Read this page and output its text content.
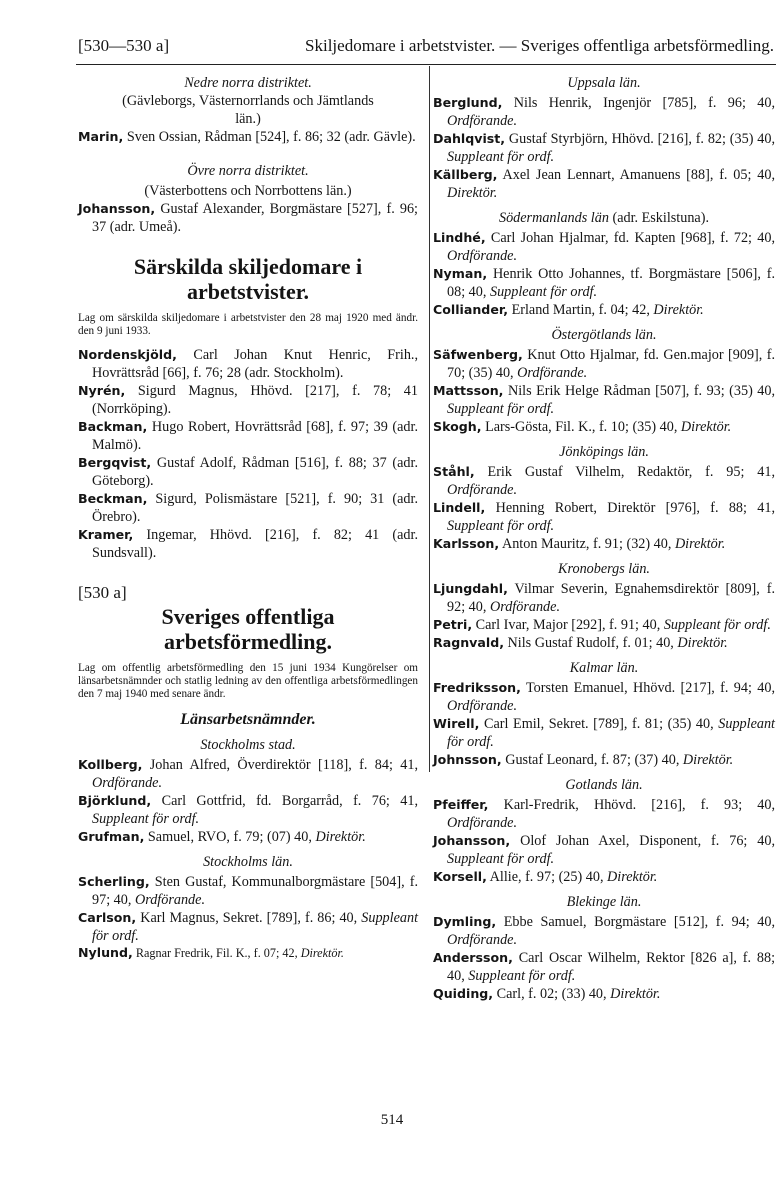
[530—530 a]	Skiljedomare i arbetstvister. — Sveriges offentliga arbetsförmedling.
Nedre norra distriktet.
(Gävleborgs, Västernorrlands och Jämtlands län.)

Marin, Sven Ossian, Rådman [524], f. 86; 32 (adr. Gävle).

Övre norra distriktet.
(Västerbottens och Norrbottens län.)

Johansson, Gustaf Alexander, Borgmästare [527], f. 96; 37 (adr. Umeå).

Särskilda skiljedomare i arbetstvister.
Lag om särskilda skiljedomare i arbetstvister den 28 maj 1920 med ändr. den 9 juni 1933.

Nordenskjöld, Carl Johan Knut Henric, Frih., Hovrättsråd [66], f. 76; 28 (adr. Stockholm).

Nyrén, Sigurd Magnus, Hhövd. [217], f. 78; 41 (Norrköping).

Backman, Hugo Robert, Hovrättsråd [68], f. 97; 39 (adr. Malmö).

Bergqvist, Gustaf Adolf, Rådman [516], f. 88; 37 (adr. Göteborg).

Beckman, Sigurd, Polismästare [521], f. 90; 31 (adr. Örebro).

Kramer, Ingemar, Hhövd. [216], f. 82; 41 (adr. Sundsvall).

[530 a]
Sveriges offentliga arbetsförmedling.
Lag om offentlig arbetsförmedling den 15 juni 1934 Kungörelser om länsarbetsnämnder och statlig ledning av den offentliga arbetsförmedlingen den 7 maj 1940 med senare ändr.
Länsarbetsnämnder.
Stockholms stad.

Kollberg, Johan Alfred, Överdirektör [118], f. 84; 41, Ordförande.

Björklund, Carl Gottfrid, fd. Borgarråd, f. 76; 41, Suppleant för ordf.

Grufman, Samuel, RVO, f. 79; (07) 40, Direktör.

Stockholms län.

Scherling, Sten Gustaf, Kommunalborgmästare [504], f. 97; 40, Ordförande.

Carlson, Karl Magnus, Sekret. [789], f. 86; 40, Suppleant för ordf.

Nylund, Ragnar Fredrik, Fil. K., f. 07; 42, Direktör.

Uppsala län.

Berglund, Nils Henrik, Ingenjör [785], f. 96; 40, Ordförande.

Dahlqvist, Gustaf Styrbjörn, Hhövd. [216], f. 82; (35) 40, Suppleant för ordf.

Källberg, Axel Jean Lennart, Amanuens [88], f. 05; 40, Direktör.

Södermanlands län (adr. Eskilstuna).

Lindhé, Carl Johan Hjalmar, fd. Kapten [968], f. 72; 40, Ordförande.

Nyman, Henrik Otto Johannes, tf. Borgmästare [506], f. 08; 40, Suppleant för ordf.

Colliander, Erland Martin, f. 04; 42, Direktör.

Östergötlands län.

Säfwenberg, Knut Otto Hjalmar, fd. Gen.major [909], f. 70; (35) 40, Ordförande.

Mattsson, Nils Erik Helge Rådman [507], f. 93; (35) 40, Suppleant för ordf.

Skogh, Lars-Gösta, Fil. K., f. 10; (35) 40, Direktör.

Jönköpings län.

Ståhl, Erik Gustaf Vilhelm, Redaktör, f. 95; 41, Ordförande.

Lindell, Henning Robert, Direktör [976], f. 88; 41, Suppleant för ordf.

Karlsson, Anton Mauritz, f. 91; (32) 40, Direktör.

Kronobergs län.

Ljungdahl, Vilmar Severin, Egnahemsdirektör [809], f. 92; 40, Ordförande.

Petri, Carl Ivar, Major [292], f. 91; 40, Suppleant för ordf.

Ragnvald, Nils Gustaf Rudolf, f. 01; 40, Direktör.

Kalmar län.

Fredriksson, Torsten Emanuel, Hhövd. [217], f. 94; 40, Ordförande.

Wirell, Carl Emil, Sekret. [789], f. 81; (35) 40, Suppleant för ordf.

Johnsson, Gustaf Leonard, f. 87; (37) 40, Direktör.

Gotlands län.

Pfeiffer, Karl-Fredrik, Hhövd. [216], f. 93; 40, Ordförande.

Johansson, Olof Johan Axel, Disponent, f. 76; 40, Suppleant för ordf.

Korsell, Allie, f. 97; (25) 40, Direktör.

Blekinge län.

Dymling, Ebbe Samuel, Borgmästare [512], f. 94; 40, Ordförande.

Andersson, Carl Oscar Wilhelm, Rektor [826 a], f. 88; 40, Suppleant för ordf.

Quiding, Carl, f. 02; (33) 40, Direktör.

514
